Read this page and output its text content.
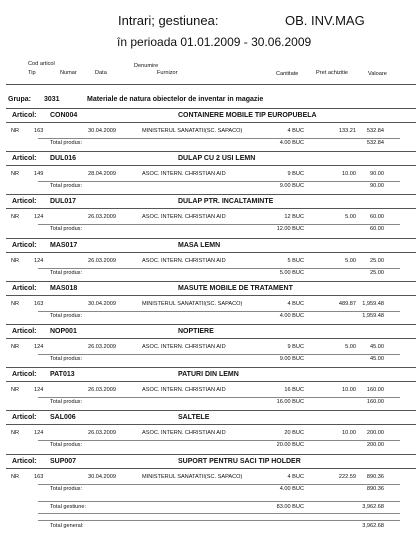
Intrari; gestiunea:	OB. INV.MAG
în perioada 01.01.2009 - 30.06.2009
Cod articol	Denumire
Tip	Numar	Data	Furnizor	Cantitate	Pret achizitie	Valoare
Grupa: 3031	Materiale de natura obiectelor de inventar in magazie
Articol: CON004	CONTAINERE MOBILE TIP EUROPUBELA
NR	163	30.04.2009	MINISTERUL SANATATII(SC. SAPACO)	4 BUC	133.21	532.84
Total produs:	4.00 BUC	532.84
Articol: DUL016	DULAP CU 2 USI LEMN
NR	149	28.04.2009	ASOC. INTERN. CHRISTIAN AID	9 BUC	10.00	90.00
Total produs:	9.00 BUC	90.00
Articol: DUL017	DULAP PTR. INCALTAMINTE
NR	124	26.03.2009	ASOC. INTERN. CHRISTIAN AID	12 BUC	5.00	60.00
Total produs:	12.00 BUC	60.00
Articol: MAS017	MASA LEMN
NR	124	26.03.2009	ASOC. INTERN. CHRISTIAN AID	5 BUC	5.00	25.00
Total produs:	5.00 BUC	25.00
Articol: MAS018	MASUTE MOBILE DE TRATAMENT
NR	163	30.04.2009	MINISTERUL SANATATII(SC. SAPACO)	4 BUC	489.87	1,959.48
Total produs:	4.00 BUC	1,959.48
Articol: NOP001	NOPTIERE
NR	124	26.03.2009	ASOC. INTERN. CHRISTIAN AID	9 BUC	5.00	45.00
Total produs:	9.00 BUC	45.00
Articol: PAT013	PATURI DIN LEMN
NR	124	26.03.2009	ASOC. INTERN. CHRISTIAN AID	16 BUC	10.00	160.00
Total produs:	16.00 BUC	160.00
Articol: SAL006	SALTELE
NR	124	26.03.2009	ASOC. INTERN. CHRISTIAN AID	20 BUC	10.00	200.00
Total produs:	20.00 BUC	200.00
Articol: SUP007	SUPORT PENTRU SACI TIP HOLDER
NR	163	30.04.2009	MINISTERUL SANATATII(SC. SAPACO)	4 BUC	222.59	890.36
Total produs:	4.00 BUC	890.36
Total gestiune:	83.00 BUC	3,962.68
Total general:	3,962.68
